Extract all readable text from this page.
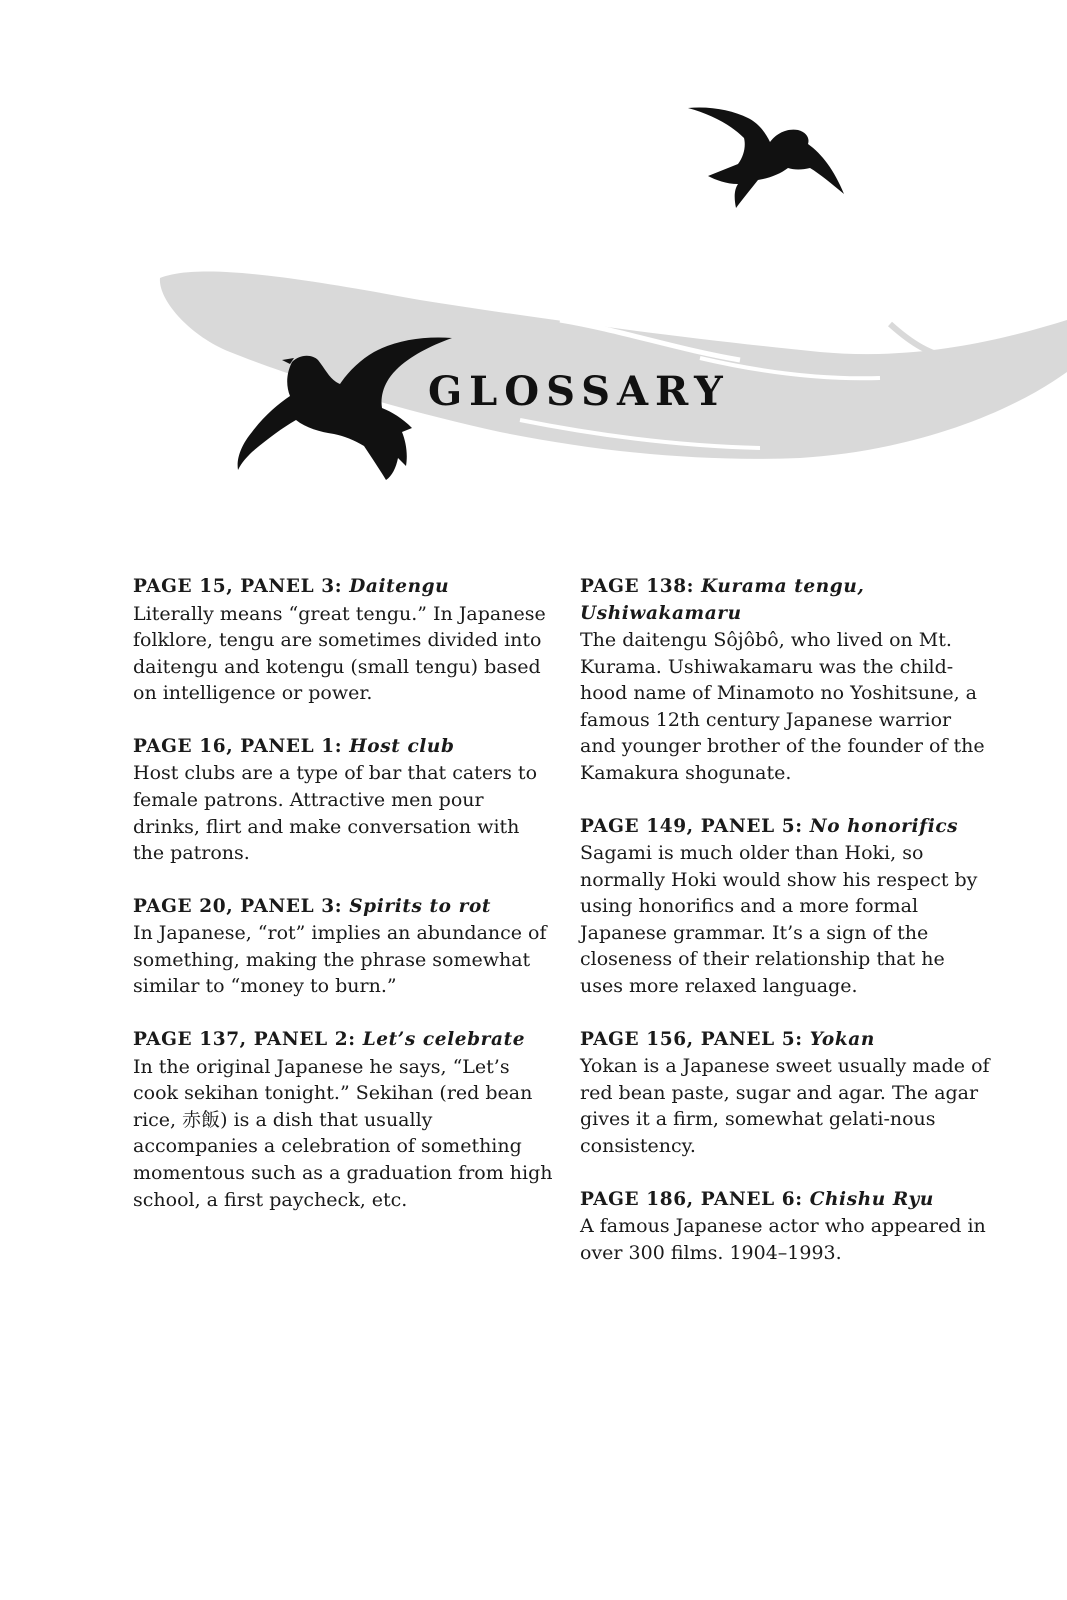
GLOSSARY
PAGE 15, PANEL 3: Daitengu

Literally means “great tengu.” In Japanese folklore, tengu are sometimes divided into daitengu and kotengu (small tengu) based on intelligence or power.

PAGE 16, PANEL 1: Host club

Host clubs are a type of bar that caters to female patrons. Attractive men pour drinks, flirt and make conversation with the patrons.

PAGE 20, PANEL 3: Spirits to rot

In Japanese, “rot” implies an abundance of something, making the phrase somewhat similar to “money to burn.”

PAGE 137, PANEL 2: Let’s celebrate

In the original Japanese he says, “Let’s cook sekihan tonight.” Sekihan (red bean rice, 赤飯) is a dish that usually accompanies a celebration of something momentous such as a graduation from high school, a first paycheck, etc.

PAGE 138: Kurama tengu, Ushiwakamaru

The daitengu Sôjôbô, who lived on Mt. Kurama. Ushiwakamaru was the child-hood name of Minamoto no Yoshitsune, a famous 12th century Japanese warrior and younger brother of the founder of the Kamakura shogunate.

PAGE 149, PANEL 5: No honorifics

Sagami is much older than Hoki, so normally Hoki would show his respect by using honorifics and a more formal Japanese grammar. It’s a sign of the closeness of their relationship that he uses more relaxed language.

PAGE 156, PANEL 5: Yokan

Yokan is a Japanese sweet usually made of red bean paste, sugar and agar. The agar gives it a firm, somewhat gelati-nous consistency.

PAGE 186, PANEL 6: Chishu Ryu

A famous Japanese actor who appeared in over 300 films. 1904–1993.
